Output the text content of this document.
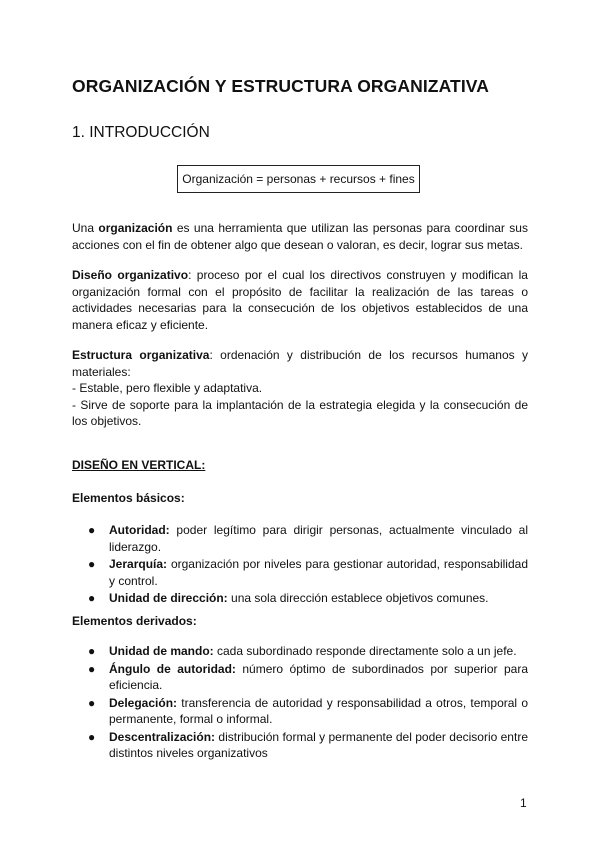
ORGANIZACIÓN Y ESTRUCTURA ORGANIZATIVA
1. INTRODUCCIÓN
Organización = personas + recursos + fines
Una organización es una herramienta que utilizan las personas para coordinar sus
acciones con el fin de obtener algo que desean o valoran, es decir, lograr sus metas.
Diseño organizativo: proceso por el cual los directivos construyen y modifican la
organización formal con el propósito de facilitar la realización de las tareas o
actividades necesarias para la consecución de los objetivos establecidos de una
manera eficaz y eficiente.
Estructura organizativa: ordenación y distribución de los recursos humanos y
materiales:
- Estable, pero flexible y adaptativa.
- Sirve de soporte para la implantación de la estrategia elegida y la consecución de
los objetivos.
DISEÑO EN VERTICAL:
Elementos básicos:
● Autoridad: poder legítimo para dirigir personas, actualmente vinculado al liderazgo.
● Jerarquía: organización por niveles para gestionar autoridad, responsabilidad y control.
● Unidad de dirección: una sola dirección establece objetivos comunes.
Elementos derivados:
● Unidad de mando: cada subordinado responde directamente solo a un jefe.
● Ángulo de autoridad: número óptimo de subordinados por superior para eficiencia.
● Delegación: transferencia de autoridad y responsabilidad a otros, temporal o permanente, formal o informal.
● Descentralización: distribución formal y permanente del poder decisorio entre distintos niveles organizativos
1
